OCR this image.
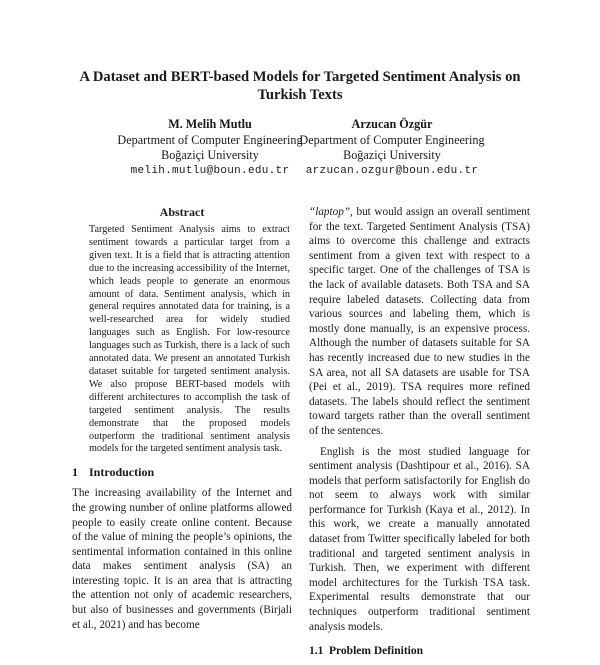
A Dataset and BERT-based Models for Targeted Sentiment Analysis on Turkish Texts
M. Melih Mutlu
Department of Computer Engineering
Boğaziçi University
melih.mutlu@boun.edu.tr
Arzucan Özgür
Department of Computer Engineering
Boğaziçi University
arzucan.ozgur@boun.edu.tr
Abstract
Targeted Sentiment Analysis aims to extract sentiment towards a particular target from a given text. It is a field that is attracting attention due to the increasing accessibility of the Internet, which leads people to generate an enormous amount of data. Sentiment analysis, which in general requires annotated data for training, is a well-researched area for widely studied languages such as English. For low-resource languages such as Turkish, there is a lack of such annotated data. We present an annotated Turkish dataset suitable for targeted sentiment analysis. We also propose BERT-based models with different architectures to accomplish the task of targeted sentiment analysis. The results demonstrate that the proposed models outperform the traditional sentiment analysis models for the targeted sentiment analysis task.
1 Introduction

The increasing availability of the Internet and the growing number of online platforms allowed people to easily create online content. Because of the value of mining the people’s opinions, the sentimental information contained in this online data makes sentiment analysis (SA) an interesting topic. It is an area that is attracting the attention not only of academic researchers, but also of businesses and governments (Birjali et al., 2021) and has become

“laptop”, but would assign an overall sentiment for the text. Targeted Sentiment Analysis (TSA) aims to overcome this challenge and extracts sentiment from a given text with respect to a specific target. One of the challenges of TSA is the lack of available datasets. Both TSA and SA require labeled datasets. Collecting data from various sources and labeling them, which is mostly done manually, is an expensive process. Although the number of datasets suitable for SA has recently increased due to new studies in the SA area, not all SA datasets are usable for TSA (Pei et al., 2019). TSA requires more refined datasets. The labels should reflect the sentiment toward targets rather than the overall sentiment of the sentences.

English is the most studied language for sentiment analysis (Dashtipour et al., 2016). SA models that perform satisfactorily for English do not seem to always work with similar performance for Turkish (Kaya et al., 2012). In this work, we create a manually annotated dataset from Twitter specifically labeled for both traditional and targeted sentiment analysis in Turkish. Then, we experiment with different model architectures for the Turkish TSA task. Experimental results demonstrate that our techniques outperform traditional sentiment analysis models.

1.1 Problem Definition
